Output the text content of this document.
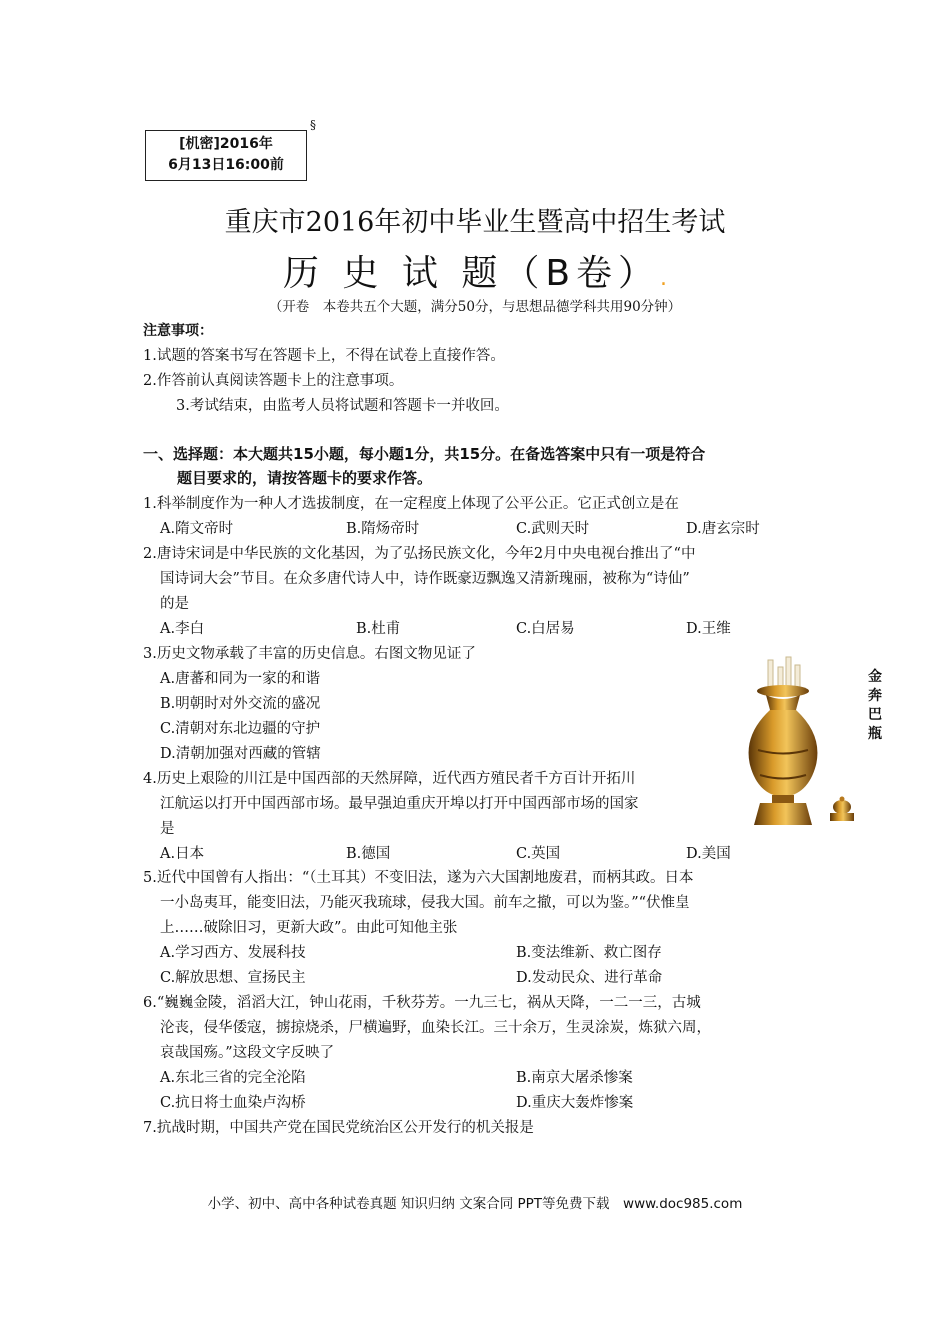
[机密]2016年
6月13日16:00前
§
重庆市2016年初中毕业生暨高中招生考试
历 史 试 题（B卷）.
（开卷　本卷共五个大题，满分50分，与思想品德学科共用90分钟）
注意事项：
1.试题的答案书写在答题卡上，不得在试卷上直接作答。
2.作答前认真阅读答题卡上的注意事项。
3.考试结束，由监考人员将试题和答题卡一并收回。
一、选择题：本大题共15小题，每小题1分，共15分。在备选答案中只有一项是符合
题目要求的，请按答题卡的要求作答。
1.科举制度作为一种人才选拔制度，在一定程度上体现了公平公正。它正式创立是在
A.隋文帝时	B.隋炀帝时	C.武则天时	D.唐玄宗时
2.唐诗宋词是中华民族的文化基因，为了弘扬民族文化，今年2月中央电视台推出了“中
国诗词大会”节目。在众多唐代诗人中，诗作既豪迈飘逸又清新瑰丽，被称为“诗仙”
的是
A.李白	B.杜甫	C.白居易	D.王维
3.历史文物承载了丰富的历史信息。右图文物见证了
A.唐蕃和同为一家的和谐
B.明朝时对外交流的盛况
C.清朝对东北边疆的守护
D.清朝加强对西藏的管辖
金奔巴瓶
4.历史上艰险的川江是中国西部的天然屏障，近代西方殖民者千方百计开拓川
江航运以打开中国西部市场。最早强迫重庆开埠以打开中国西部市场的国家
是
A.日本	B.德国	C.英国	D.美国
5.近代中国曾有人指出：“（土耳其）不变旧法，遂为六大国割地废君，而柄其政。日本
一小岛夷耳，能变旧法，乃能灭我琉球，侵我大国。前车之撤，可以为鉴。”“伏惟皇
上……破除旧习，更新大政”。由此可知他主张
A.学习西方、发展科技	B.变法维新、救亡图存
C.解放思想、宣扬民主	D.发动民众、进行革命
6.“巍巍金陵，滔滔大江，钟山花雨，千秋芬芳。一九三七，祸从天降，一二一三，古城
沦丧，侵华倭寇，掳掠烧杀，尸横遍野，血染长江。三十余万，生灵涂炭，炼狱六周，
哀哉国殇。”这段文字反映了
A.东北三省的完全沦陷	B.南京大屠杀惨案
C.抗日将士血染卢沟桥	D.重庆大轰炸惨案
7.抗战时期，中国共产党在国民党统治区公开发行的机关报是
小学、初中、高中各种试卷真题 知识归纳 文案合同 PPT等免费下载　www.doc985.com
